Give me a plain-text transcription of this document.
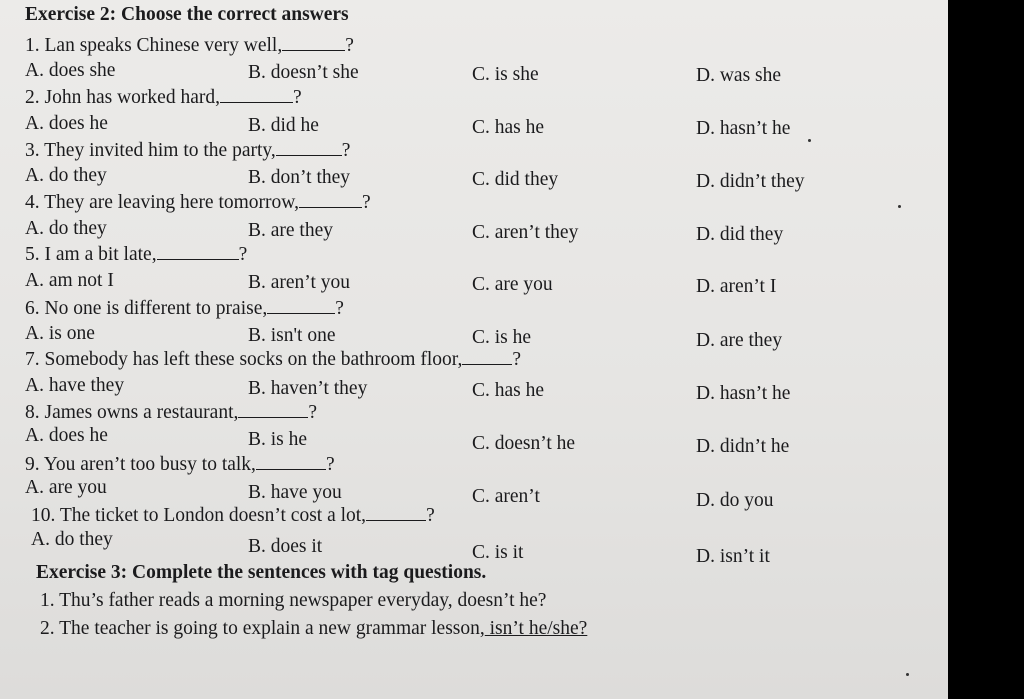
Exercise 2: Choose the correct answers
1. Lan speaks Chinese very well,	?
A. does she	B. doesn’t she	C. is she	D. was she
2. John has worked hard,	?
A. does he	B. did he	C. has he	D. hasn’t he
3. They invited him to the party,	?
A. do they	B. don’t they	C. did they	D. didn’t they
4. They are leaving here tomorrow,	?
A. do they	B. are they	C. aren’t they	D. did they
5. I am a bit late,	?
A. am not I	B. aren’t you	C. are you	D. aren’t I
6. No one is different to praise,	?
A. is one	B. isn't one	C. is he	D. are they
7. Somebody has left these socks on the bathroom floor,	?
A. have they	B. haven’t they	C. has he	D. hasn’t he
8. James owns a restaurant,	?
A. does he	B. is he	C. doesn’t he	D. didn’t he
9. You aren’t too busy to talk,	?
A. are you	B. have you	C. aren’t	D. do you
10. The ticket to London doesn’t cost a lot,	?
A. do they	B. does it	C. is it	D. isn’t it
Exercise 3: Complete the sentences with tag questions.
1. Thu’s father reads a morning newspaper everyday, doesn’t he?
2. The teacher is going to explain a new grammar lesson, isn’t he/she?
